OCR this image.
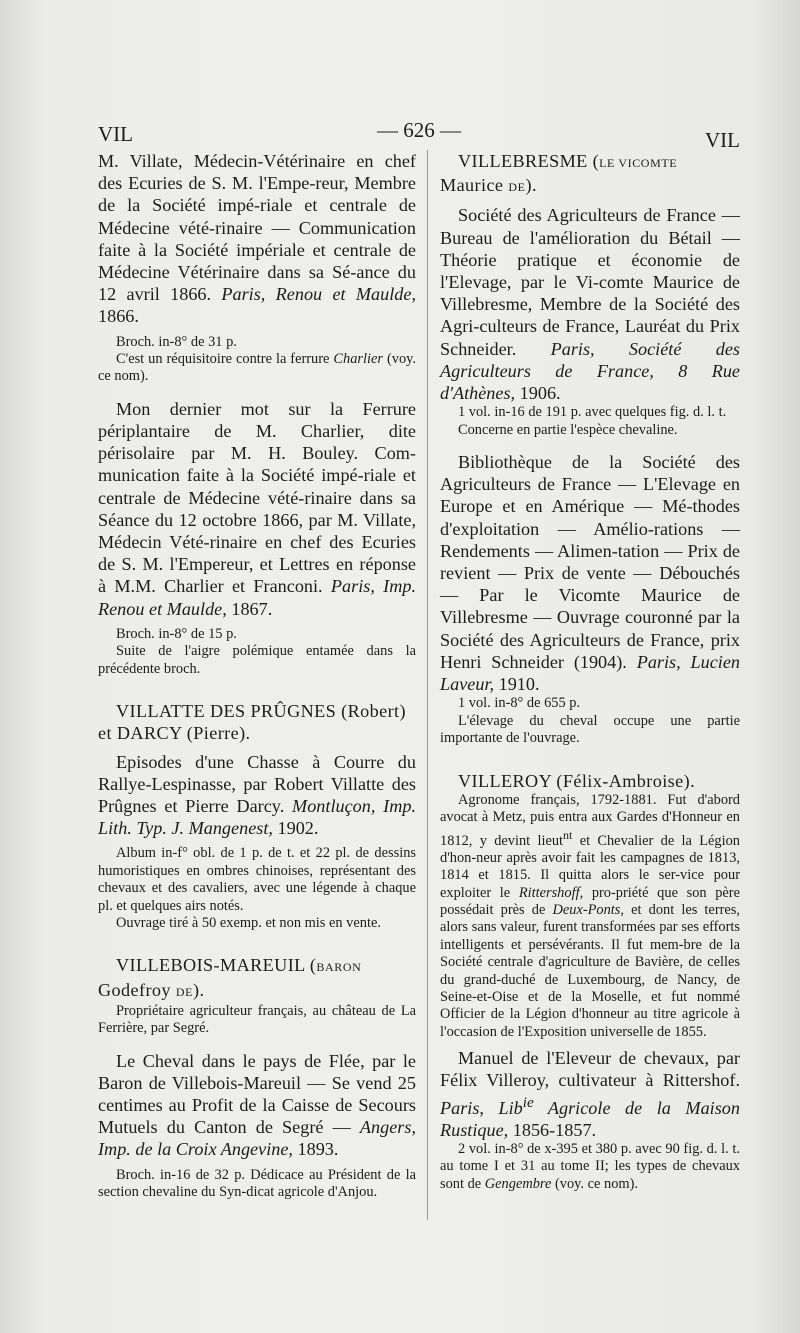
VIL	— 626 —	VIL

M. Villate, Médecin-Vétérinaire en chef des Ecuries de S. M. l'Empe-reur, Membre de la Société impé-riale et centrale de Médecine vété-rinaire — Communication faite à la Société impériale et centrale de Médecine Vétérinaire dans sa Sé-ance du 12 avril 1866. Paris, Renou et Maulde, 1866.

Broch. in-8° de 31 p.

C'est un réquisitoire contre la ferrure Charlier (voy. ce nom).

Mon dernier mot sur la Ferrure périplantaire de M. Charlier, dite périsolaire par M. H. Bouley. Com-munication faite à la Société impé-riale et centrale de Médecine vété-rinaire dans sa Séance du 12 octobre 1866, par M. Villate, Médecin Vété-rinaire en chef des Ecuries de S. M. l'Empereur, et Lettres en réponse à M.M. Charlier et Franconi. Paris, Imp. Renou et Maulde, 1867.

Broch. in-8° de 15 p.

Suite de l'aigre polémique entamée dans la précédente broch.

VILLATTE DES PRÛGNES (Robert) et DARCY (Pierre).

Episodes d'une Chasse à Courre du Rallye-Lespinasse, par Robert Villatte des Prûgnes et Pierre Darcy. Montluçon, Imp. Lith. Typ. J. Mangenest, 1902.

Album in-f° obl. de 1 p. de t. et 22 pl. de dessins humoristiques en ombres chinoises, représentant des chevaux et des cavaliers, avec une légende à chaque pl. et quelques airs notés.

Ouvrage tiré à 50 exemp. et non mis en vente.

VILLEBOIS-MAREUIL (BARON Godefroy DE).

Propriétaire agriculteur français, au château de La Ferrière, par Segré.

Le Cheval dans le pays de Flée, par le Baron de Villebois-Mareuil — Se vend 25 centimes au Profit de la Caisse de Secours Mutuels du Canton de Segré — Angers, Imp. de la Croix Angevine, 1893.

Broch. in-16 de 32 p. Dédicace au Président de la section chevaline du Syn-dicat agricole d'Anjou.

VILLEBRESME (LE VICOMTE Maurice DE).

Société des Agriculteurs de France — Bureau de l'amélioration du Bétail — Théorie pratique et économie de l'Elevage, par le Vi-comte Maurice de Villebresme, Membre de la Société des Agri-culteurs de France, Lauréat du Prix Schneider. Paris, Société des Agriculteurs de France, 8 Rue d'Athènes, 1906.

1 vol. in-16 de 191 p. avec quelques fig. d. l. t.

Concerne en partie l'espèce chevaline.

Bibliothèque de la Société des Agriculteurs de France — L'Elevage en Europe et en Amérique — Mé-thodes d'exploitation — Amélio-rations — Rendements — Alimen-tation — Prix de revient — Prix de vente — Débouchés — Par le Vicomte Maurice de Villebresme — Ouvrage couronné par la Société des Agriculteurs de France, prix Henri Schneider (1904). Paris, Lucien Laveur, 1910.

1 vol. in-8° de 655 p.

L'élevage du cheval occupe une partie importante de l'ouvrage.

VILLEROY (Félix-Ambroise).

Agronome français, 1792-1881. Fut d'abord avocat à Metz, puis entra aux Gardes d'Honneur en 1812, y devint lieut$^{nt}$ et Chevalier de la Légion d'hon-neur après avoir fait les campagnes de 1813, 1814 et 1815. Il quitta alors le ser-vice pour exploiter le Rittershoff, pro-priété que son père possédait près de Deux-Ponts, et dont les terres, alors sans valeur, furent transformées par ses efforts intelligents et persévérants. Il fut mem-bre de la Société centrale d'agriculture de Bavière, de celles du grand-duché de Luxembourg, de Nancy, de Seine-et-Oise et de la Moselle, et fut nommé Officier de la Légion d'honneur au titre agricole à l'occasion de l'Exposition universelle de 1855.

Manuel de l'Eleveur de chevaux, par Félix Villeroy, cultivateur à Rittershof. Paris, Lib$^{ie}$ Agricole de la Maison Rustique, 1856-1857.

2 vol. in-8° de x-395 et 380 p. avec 90 fig. d. l. t. au tome I et 31 au tome II; les types de chevaux sont de Gengembre (voy. ce nom).
